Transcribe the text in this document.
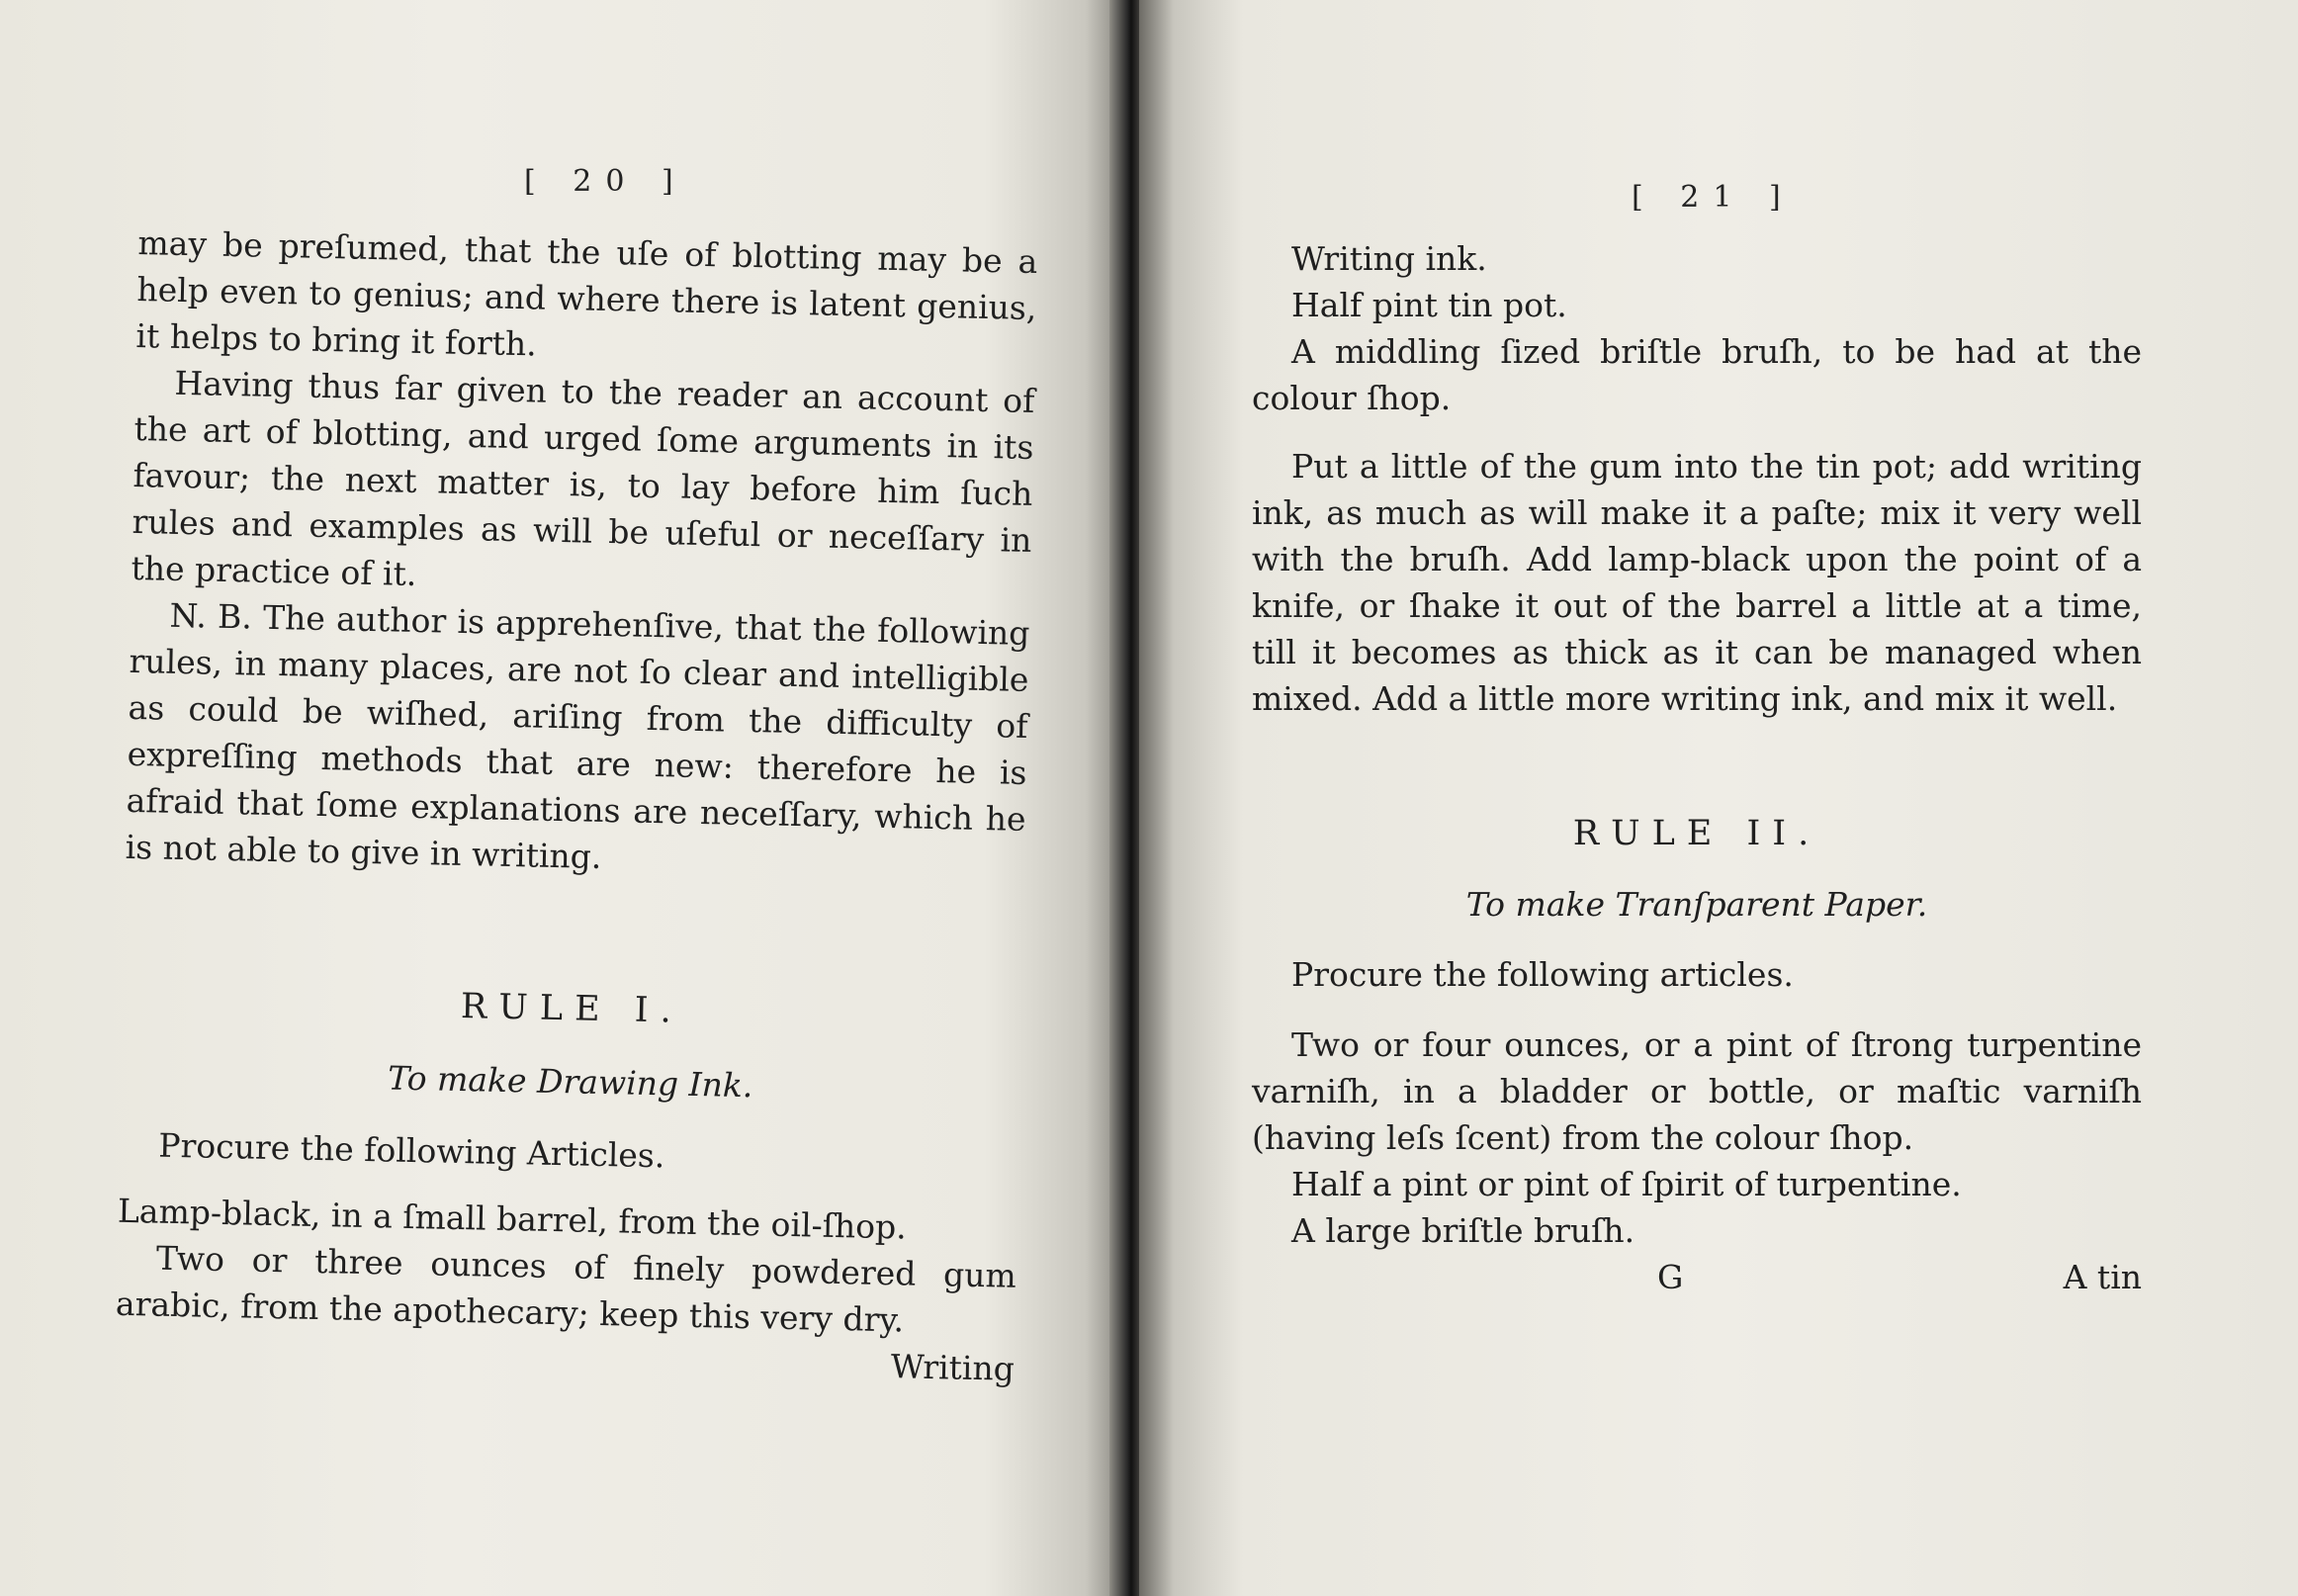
[ 20 ]

may be preſumed, that the uſe of blotting may be a help even to genius; and where there is latent genius, it helps to bring it forth.

Having thus far given to the reader an account of the art of blotting, and urged ſome arguments in its favour; the next matter is, to lay before him ſuch rules and examples as will be uſeful or neceſſary in the practice of it.

N. B. The author is apprehenſive, that the following rules, in many places, are not ſo clear and intelligible as could be wiſhed, ariſing from the difficulty of expreſſing methods that are new: therefore he is afraid that ſome explanations are neceſſary, which he is not able to give in writing.

RULE I.

To make Drawing Ink.

Procure the following Articles.

Lamp-black, in a ſmall barrel, from the oil-ſhop.

Two or three ounces of finely powdered gum arabic, from the apothecary; keep this very dry.

Writing

[ 21 ]

Writing ink.

Half pint tin pot.

A middling ſized briſtle bruſh, to be had at the colour ſhop.

Put a little of the gum into the tin pot; add writing ink, as much as will make it a paſte; mix it very well with the bruſh. Add lamp-black upon the point of a knife, or ſhake it out of the barrel a little at a time, till it becomes as thick as it can be managed when mixed. Add a little more writing ink, and mix it well.

RULE II.

To make Tranſparent Paper.

Procure the following articles.

Two or four ounces, or a pint of ſtrong turpentine varniſh, in a bladder or bottle, or maſtic varniſh (having leſs ſcent) from the colour ſhop.

Half a pint or pint of ſpirit of turpentine.

A large briſtle bruſh.

G	A tin
